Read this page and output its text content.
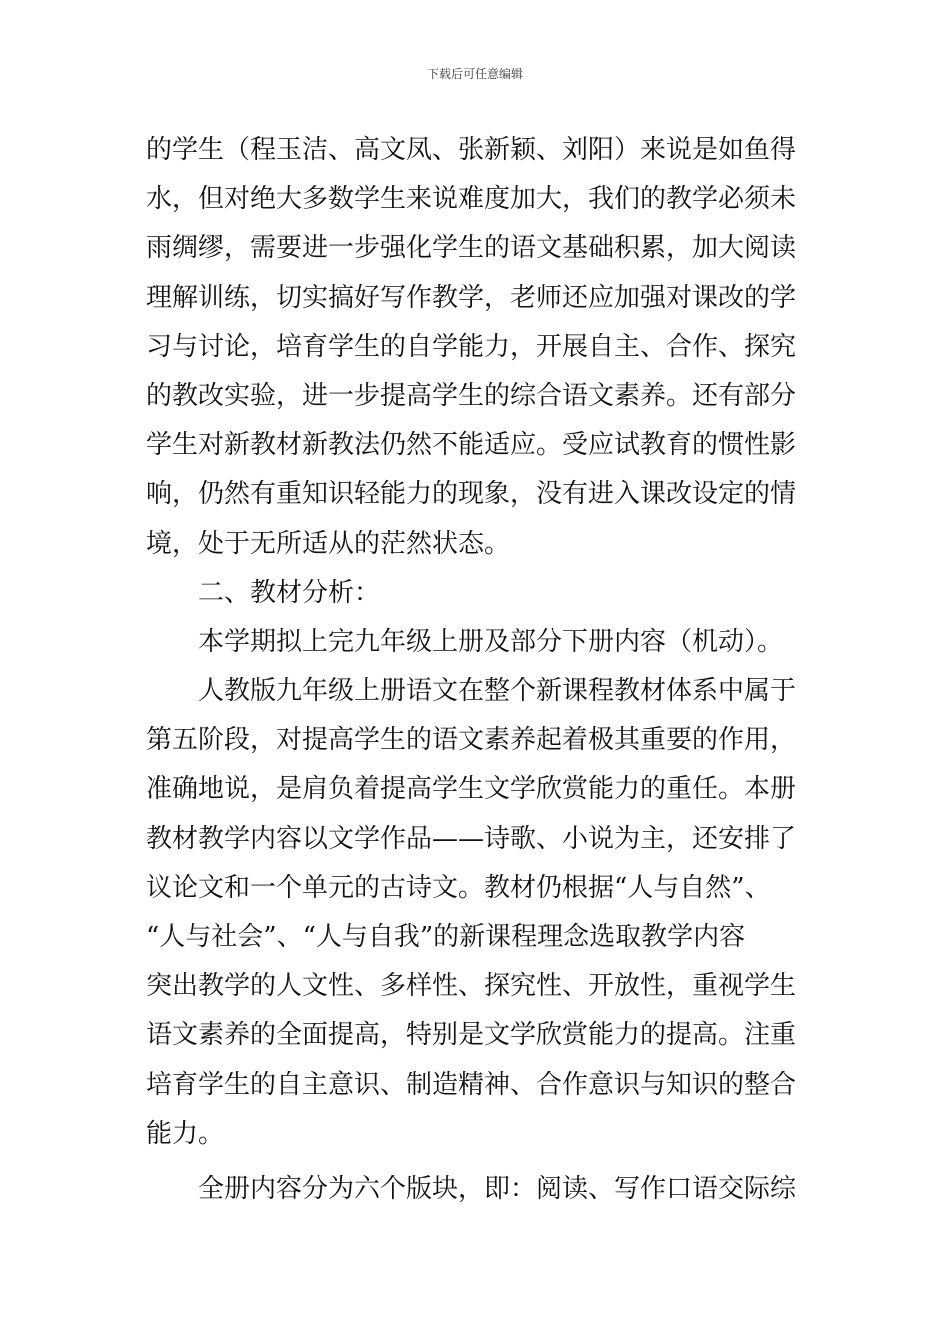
下载后可任意编辑
的学生（程玉洁、高文凤、张新颖、刘阳）来说是如鱼得
水，但对绝大多数学生来说难度加大，我们的教学必须未
雨绸缪，需要进一步强化学生的语文基础积累，加大阅读
理解训练，切实搞好写作教学，老师还应加强对课改的学
习与讨论，培育学生的自学能力，开展自主、合作、探究
的教改实验，进一步提高学生的综合语文素养。还有部分
学生对新教材新教法仍然不能适应。受应试教育的惯性影
响，仍然有重知识轻能力的现象，没有进入课改设定的情
境，处于无所适从的茫然状态。
　　二、教材分析：
　　本学期拟上完九年级上册及部分下册内容（机动）。
　　人教版九年级上册语文在整个新课程教材体系中属于
第五阶段，对提高学生的语文素养起着极其重要的作用，
准确地说，是肩负着提高学生文学欣赏能力的重任。本册
教材教学内容以文学作品——诗歌、小说为主，还安排了
议论文和一个单元的古诗文。教材仍根据“人与自然”、
“人与社会”、“人与自我”的新课程理念选取教学内容
突出教学的人文性、多样性、探究性、开放性，重视学生
语文素养的全面提高，特别是文学欣赏能力的提高。注重
培育学生的自主意识、制造精神、合作意识与知识的整合
能力。
　　全册内容分为六个版块，即：阅读、写作口语交际综
